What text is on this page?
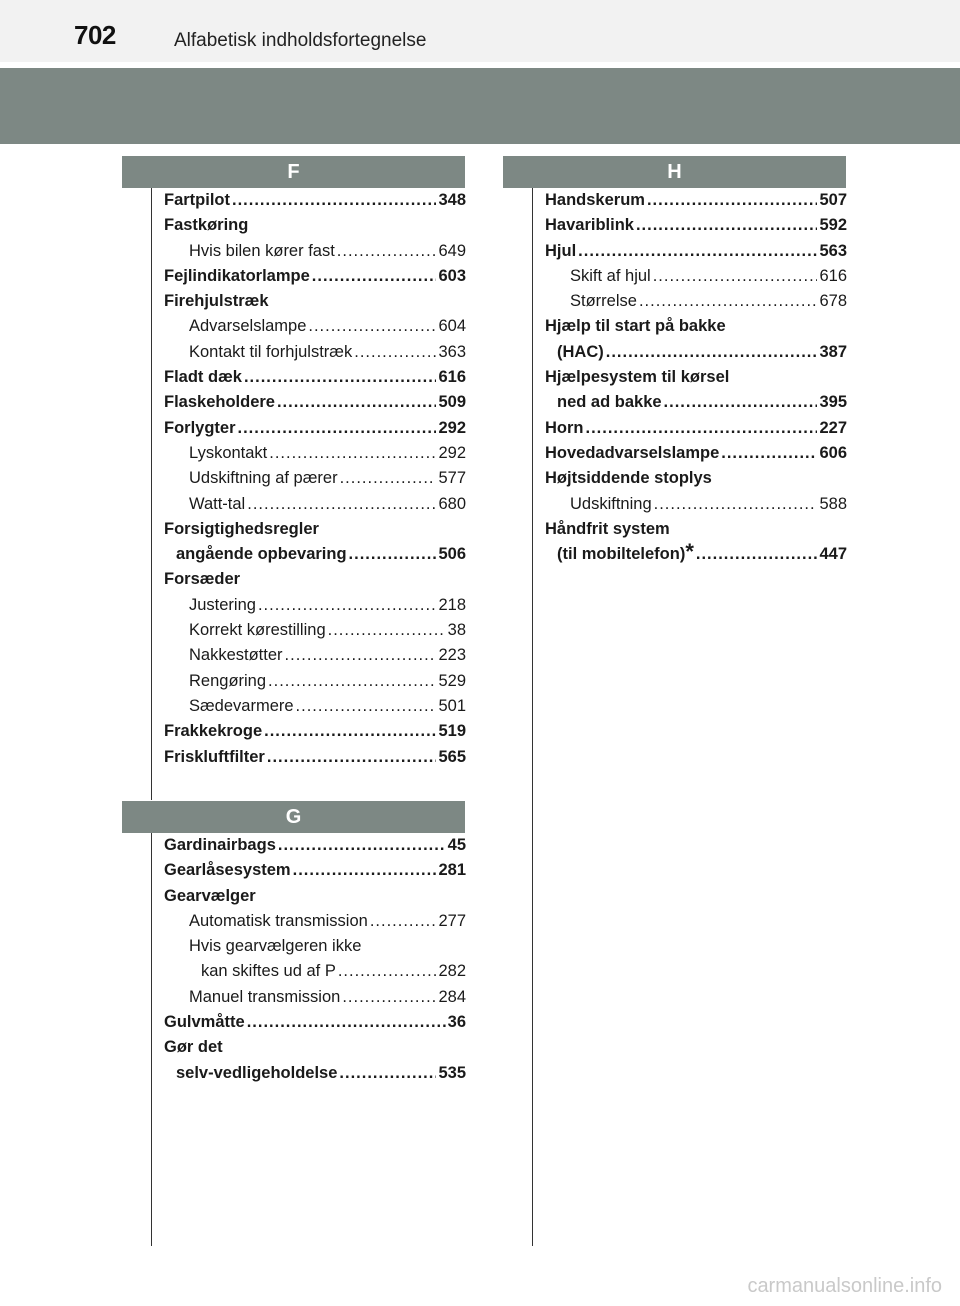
702	Alfabetisk indholdsfortegnelse
F
Fartpilot .....	348
Fastkøring
Hvis bilen kører fast .....	649
Fejlindikatorlampe .....	603
Firehjulstræk
Advarselslampe .....	604
Kontakt til forhjulstræk .....	363
Fladt dæk .....	616
Flaskeholdere .....	509
Forlygter .....	292
Lyskontakt .....	292
Udskiftning af pærer .....	577
Watt-tal .....	680
Forsigtighedsregler
angående opbevaring .....	506
Forsæder
Justering .....	218
Korrekt kørestilling .....	38
Nakkestøtter .....	223
Rengøring .....	529
Sædevarmere .....	501
Frakkekroge .....	519
Friskluftfilter .....	565
G
Gardinairbags .....	45
Gearlåsesystem .....	281
Gearvælger
Automatisk transmission .....	277
Hvis gearvælgeren ikke
kan skiftes ud af P .....	282
Manuel transmission .....	284
Gulvmåtte .....	36
Gør det
selv-vedligeholdelse .....	535
H
Handskerum .....	507
Havariblink .....	592
Hjul .....	563
Skift af hjul .....	616
Størrelse .....	678
Hjælp til start på bakke
(HAC) .....	387
Hjælpesystem til kørsel
ned ad bakke .....	395
Horn .....	227
Hovedadvarselslampe .....	606
Højtsiddende stoplys
Udskiftning .....	588
Håndfrit system
(til mobiltelefon) * .....	447
carmanualsonline.info
